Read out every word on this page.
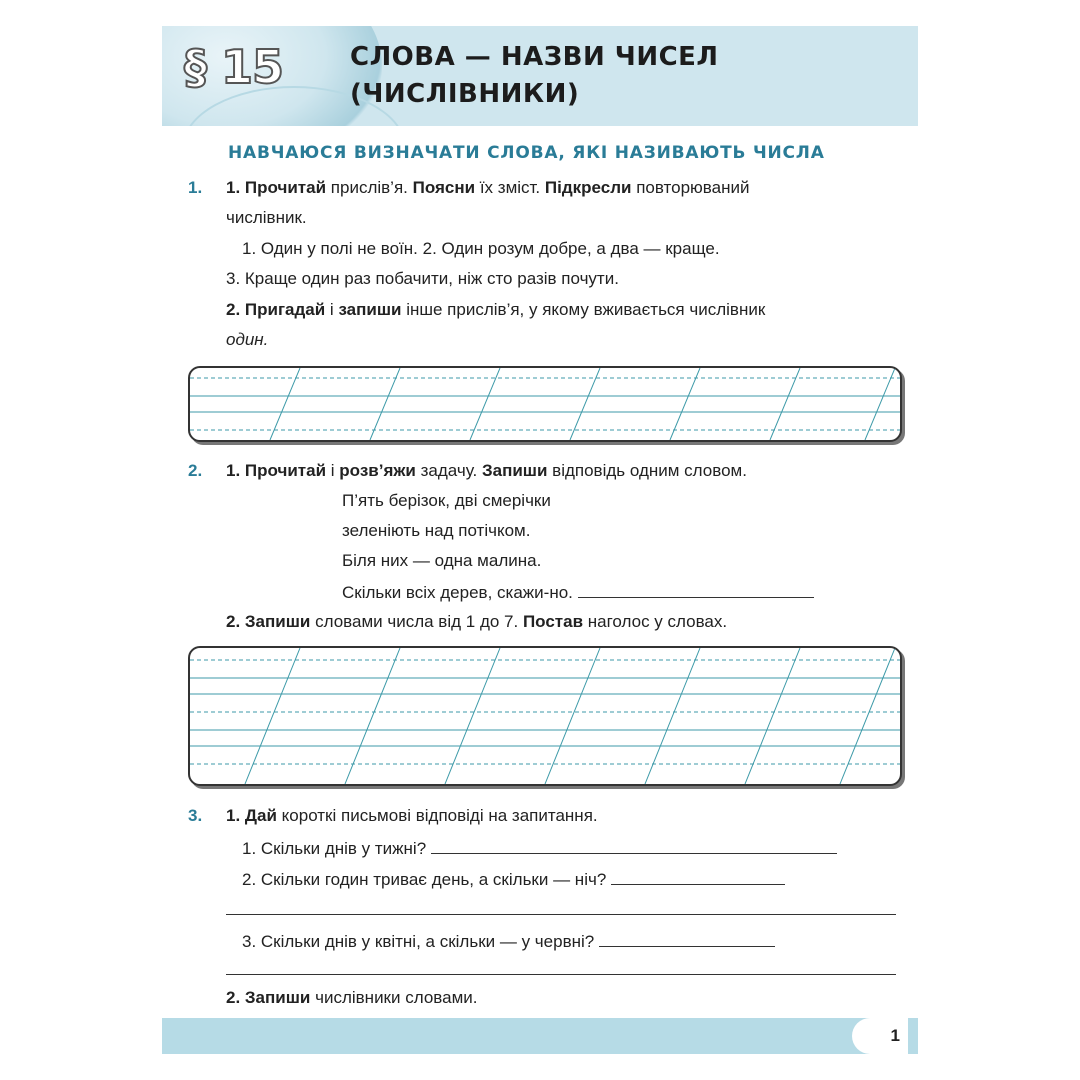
§ 15	СЛОВА — НАЗВИ ЧИСЕЛ
(ЧИСЛІВНИКИ)
НАВЧАЮСЯ ВИЗНАЧАТИ СЛОВА, ЯКІ НАЗИВАЮТЬ ЧИСЛА
1. 1. Прочитай прислів’я. Поясни їх зміст. Підкресли повторюваний
числівник.
1. Один у полі не воїн. 2. Один розум добре, а два — краще.
3. Краще один раз побачити, ніж сто разів почути.
2. Пригадай і запиши інше прислів’я, у якому вживається числівник
один.
2. 1. Прочитай і розв’яжи задачу. Запиши відповідь одним словом.
П’ять берізок, дві смерічки
зеленіють над потічком.
Біля них — одна малина.
Скільки всіх дерев, скажи-но.
2. Запиши словами числа від 1 до 7. Постав наголос у словах.
3. 1. Дай короткі письмові відповіді на запитання.
1. Скільки днів у тижні?
2. Скільки годин триває день, а скільки — ніч?
3. Скільки днів у квітні, а скільки — у червні?
2. Запиши числівники словами.
1
